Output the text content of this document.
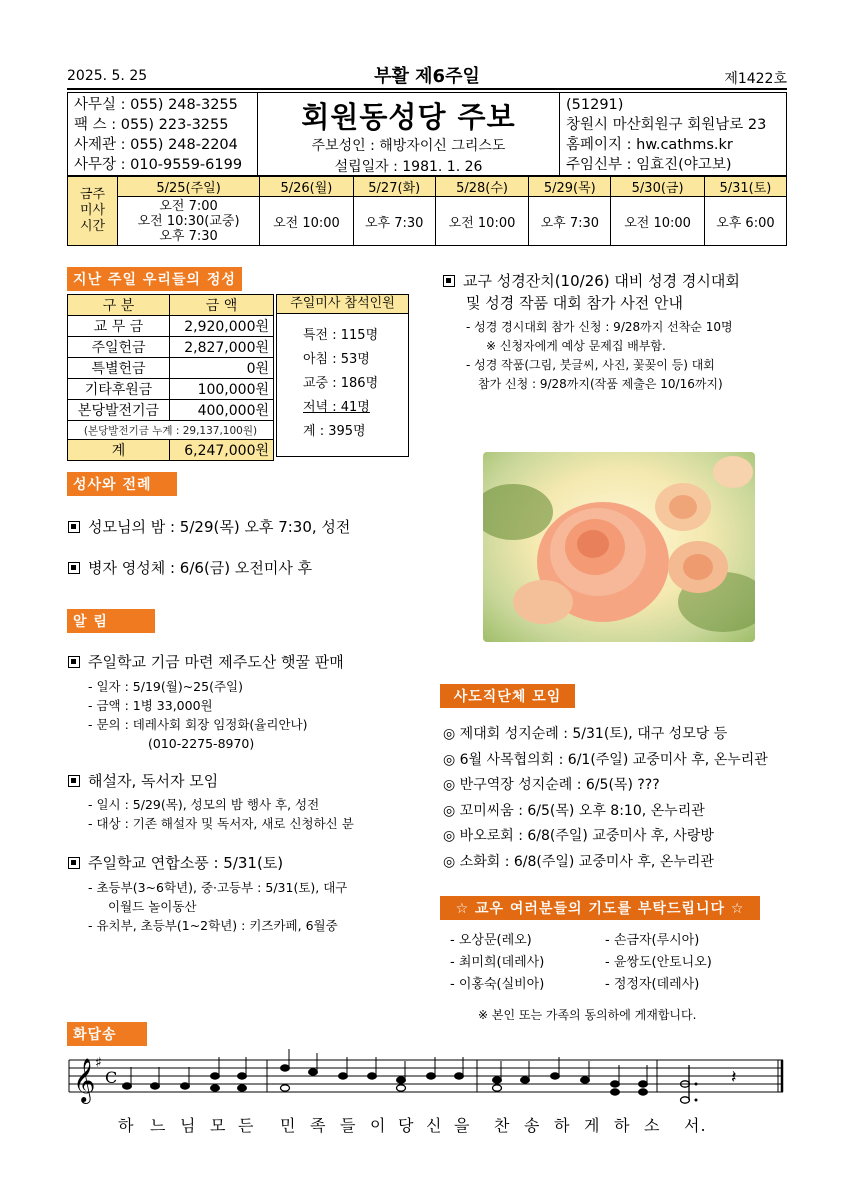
2025. 5. 25	부활 제6주일	제1422호
사무실 : 055) 248-3255
팩 스 : 055) 223-3255
사제관 : 055) 248-2204
사무장 : 010-9559-6199
회원동성당 주보
주보성인 : 해방자이신 그리스도
설립일자 : 1981. 1. 26
(51291)
창원시 마산회원구 회원남로 23
홈페이지 : hw.cathms.kr
주임신부 : 임효진(야고보)
금주
미사
시간	5/25(주일)	5/26(월)	5/27(화)	5/28(수)	5/29(목)	5/30(금)	5/31(토)

	오전 7:00
오전 10:30(교중)
오후 7:30	오전 10:00	오후 7:30	오전 10:00	오후 7:30	오전 10:00	오후 6:00
지난 주일 우리들의 정성
구 분	금 액
교 무 금	2,920,000원
주일헌금	2,827,000원
특별헌금	0원
기타후원금	100,000원
본당발전기금	400,000원
(본당발전기금 누계 : 29,137,100원)	
계	6,247,000원
주일미사 참석인원
특전 : 115명
아침 : 53명
교중 : 186명
저녁 : 41명
계 : 395명
성사와 전례
성모님의 밤 : 5/29(목) 오후 7:30, 성전
병자 영성체 : 6/6(금) 오전미사 후
알 림
주일학교 기금 마련 제주도산 햇꿀 판매
- 일자 : 5/19(월)~25(주일)
- 금액 : 1병 33,000원
- 문의 : 데레사회 회장 임정화(율리안나)
(010-2275-8970)
해설자, 독서자 모임
- 일시 : 5/29(목), 성모의 밤 행사 후, 성전
- 대상 : 기존 해설자 및 독서자, 새로 신청하신 분
주일학교 연합소풍 : 5/31(토)
- 초등부(3~6학년), 중·고등부 : 5/31(토), 대구
이월드 놀이동산
- 유치부, 초등부(1~2학년) : 키즈카페, 6월중
교구 성경잔치(10/26) 대비 성경 경시대회
및 성경 작품 대회 참가 사전 안내
- 성경 경시대회 참가 신청 : 9/28까지 선착순 10명
※ 신청자에게 예상 문제집 배부함.
- 성경 작품(그림, 붓글씨, 사진, 꽃꽂이 등) 대회
참가 신청 : 9/28까지(작품 제출은 10/16까지)
사도직단체 모임
◎ 제대회 성지순례 : 5/31(토), 대구 성모당 등
◎ 6월 사목협의회 : 6/1(주일) 교중미사 후, 온누리관
◎ 반구역장 성지순례 : 6/5(목) ???
◎ 꼬미씨움 : 6/5(목) 오후 8:10, 온누리관
◎ 바오로회 : 6/8(주일) 교중미사 후, 사랑방
◎ 소화회 : 6/8(주일) 교중미사 후, 온누리관
☆ 교우 여러분들의 기도를 부탁드립니다 ☆
- 오상문(레오)
- 최미희(데레사)
- 이홍숙(실비아)
- 손금자(루시아)
- 윤쌍도(안토니오)
- 정정자(데레사)
※ 본인 또는 가족의 동의하에 게재합니다.
화답송
𝄞 ♯
C	𝄽
하 느 님 모 든 민 족 들 이 당 신 을 찬 송 하 게 하 소 서.
